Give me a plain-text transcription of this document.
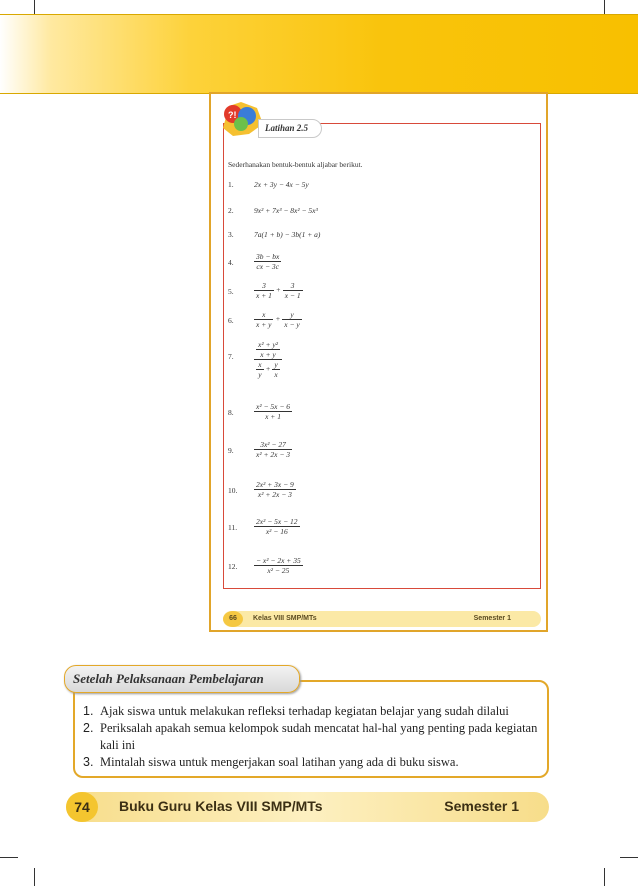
?!
Latihan 2.5
Sederhanakan bentuk-bentuk aljabar berikut.
1.	2x + 3y − 4x − 5y
2.	9x² + 7x³ − 8x² − 5x³
3.	7a(1 + b) − 3b(1 + a)
4.	$\frac{3b - bx}{cx - 3c}$
5.	$\frac{3}{x + 1} + \frac{3}{x - 1}$
6.	$\frac{x}{x + y} + \frac{y}{x - y}$
7.	$\frac{\frac{\text{x² + y²}}{x + y}}{\frac{x}{y} + \frac{y}{x}}$
8.	$\frac{\text{x² − 5x − 6}}{x + 1}$
9.	$\frac{\text{3x² − 27}}{\text{x² + 2x − 3}}$
10. $\frac{\text{2x² + 3x − 9}}{\text{x² + 2x − 3}}$
11. $\frac{\text{2x² − 5x − 12}}{\text{x² − 16}}$
12. $\frac{\text{− x² − 2x + 35}}{\text{x² − 25}}$
66	Kelas VIII SMP/MTs	Semester 1
Setelah Pelaksanaan Pembelajaran
1. Ajak siswa untuk melakukan refleksi terhadap kegiatan belajar yang sudah dilalui
2. Periksalah apakah semua kelompok sudah mencatat hal-hal yang penting pada kegiatan kali ini
3. Mintalah siswa untuk mengerjakan soal latihan yang ada di buku siswa.
74	Buku Guru Kelas VIII SMP/MTs	Semester 1
